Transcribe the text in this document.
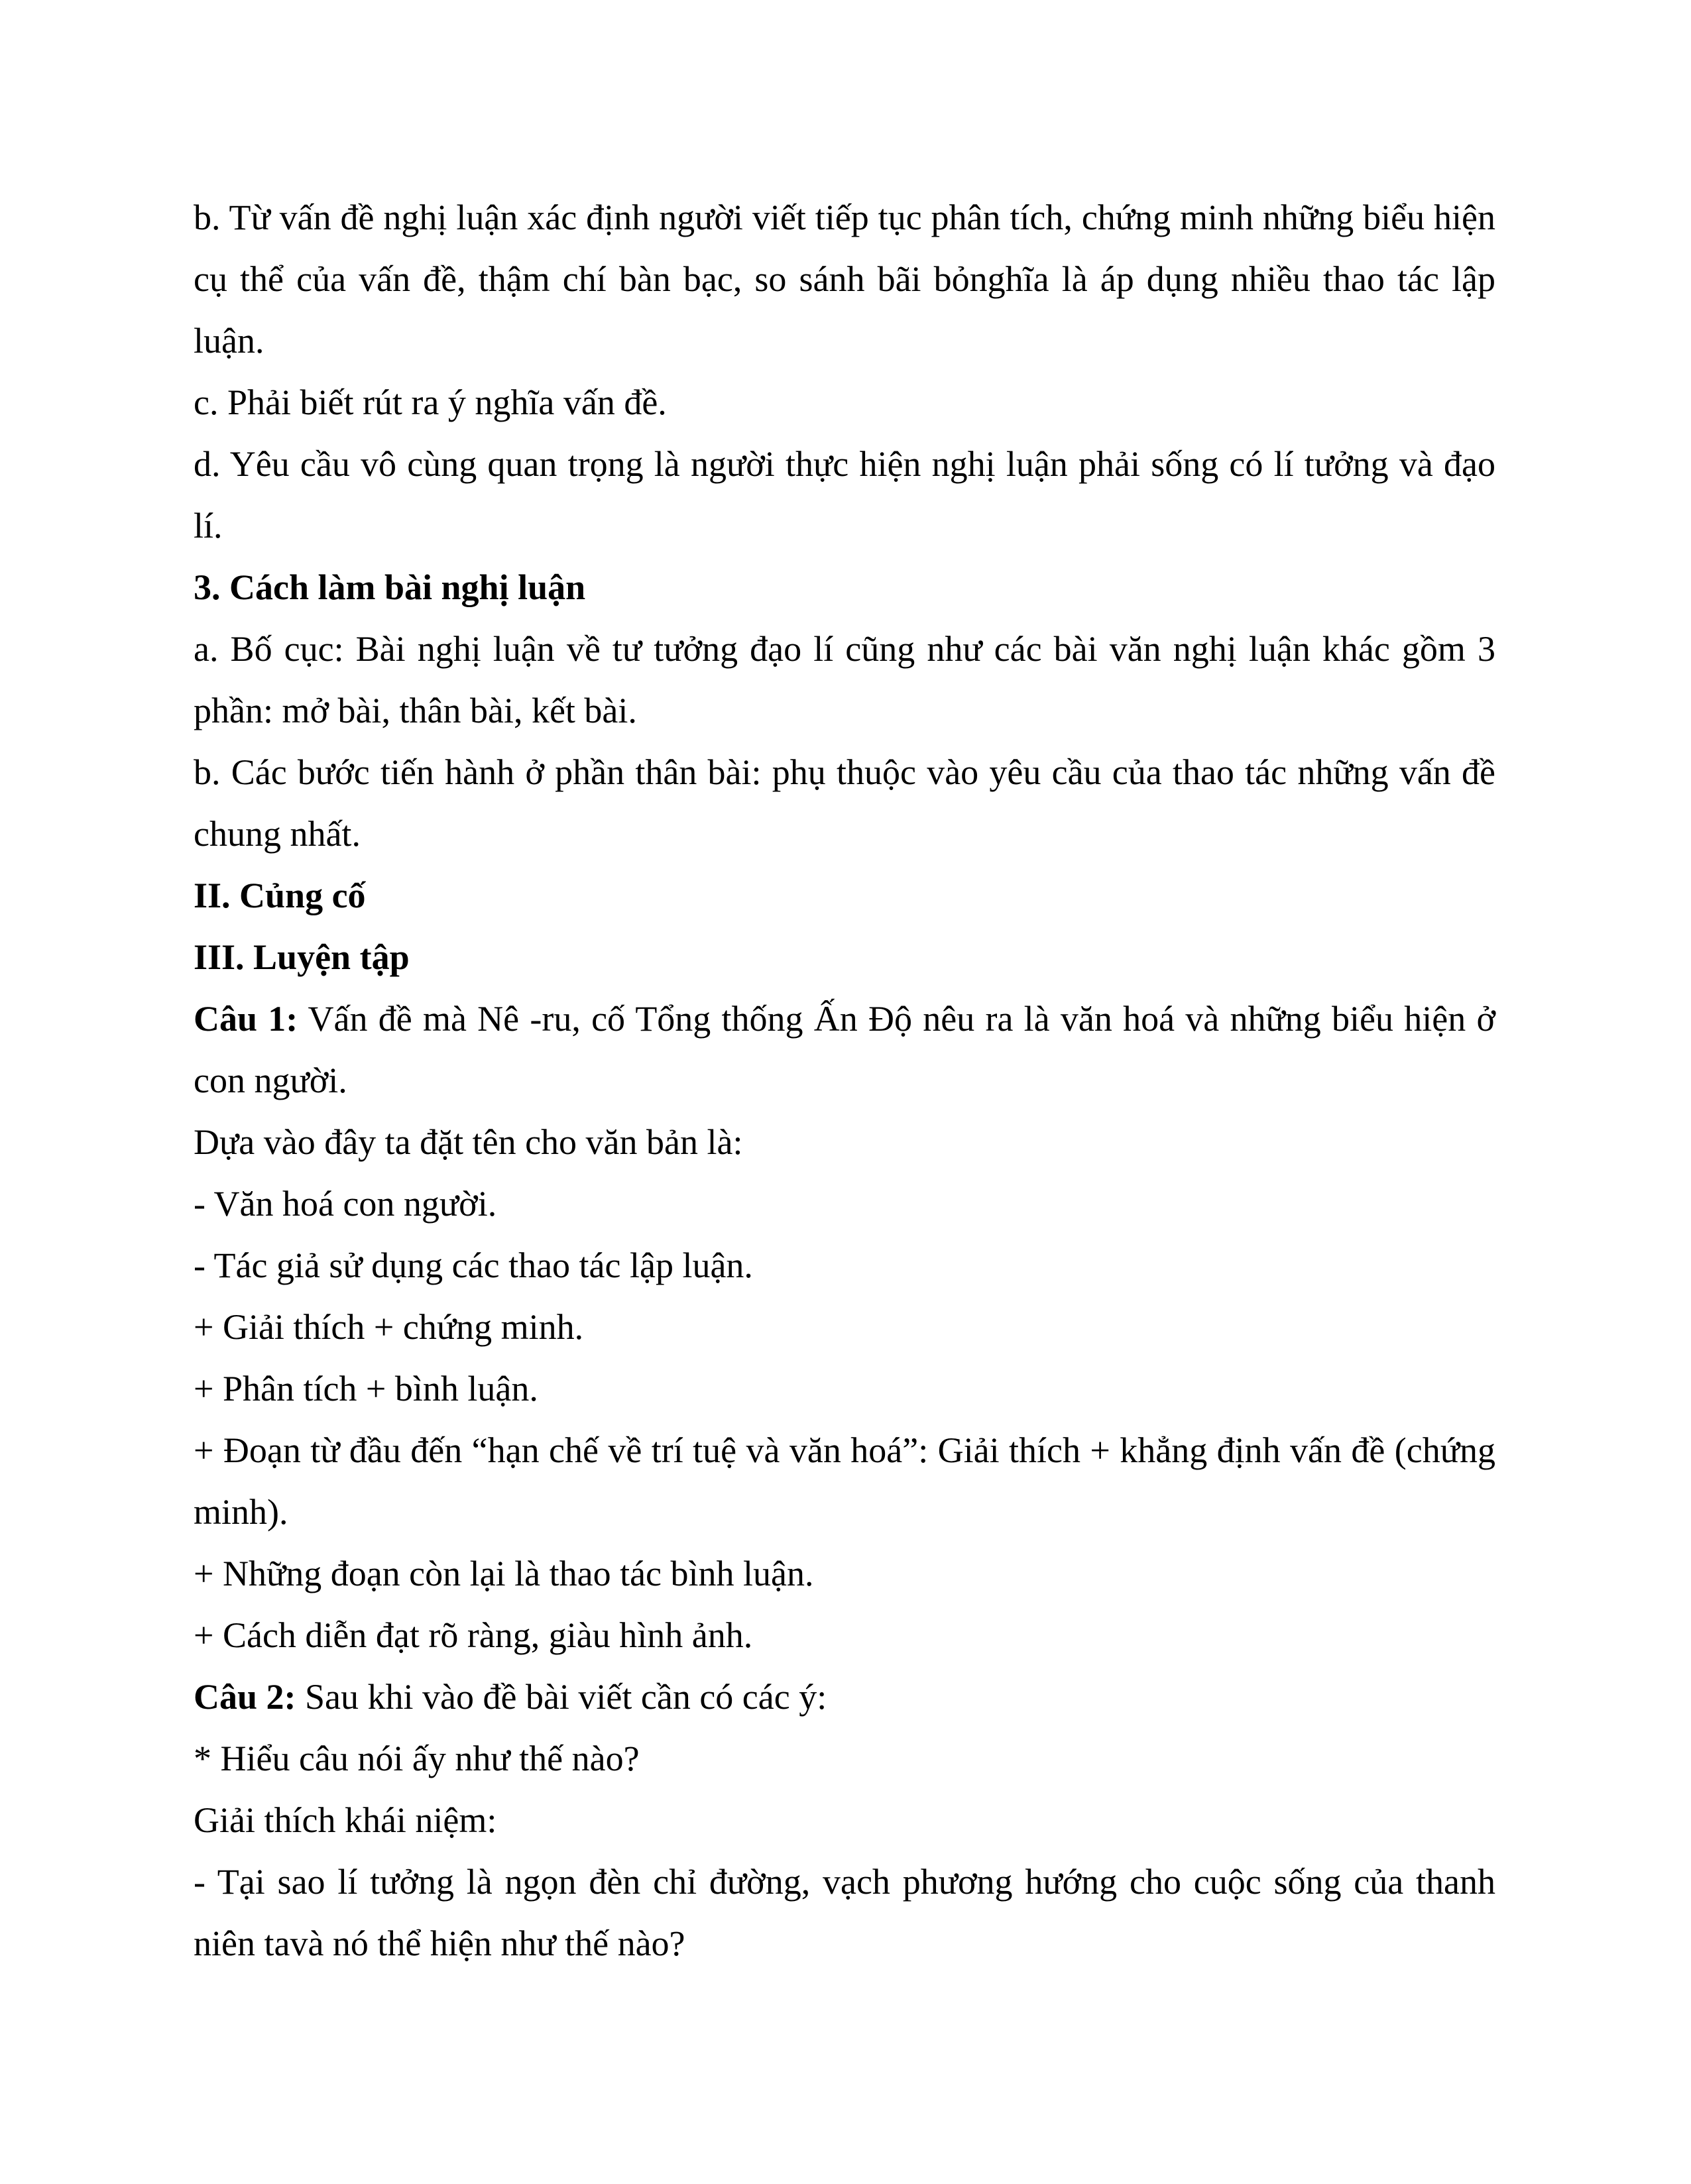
b. Từ vấn đề nghị luận xác định người viết tiếp tục phân tích, chứng minh những biểu hiện cụ thể của vấn đề, thậm chí bàn bạc, so sánh bãi bỏnghĩa là áp dụng nhiều thao tác lập luận.

c. Phải biết rút ra ý nghĩa vấn đề.

d. Yêu cầu vô cùng quan trọng là người thực hiện nghị luận phải sống có lí tưởng và đạo lí.

3. Cách làm bài nghị luận

a. Bố cục: Bài nghị luận về tư tưởng đạo lí cũng như các bài văn nghị luận khác gồm 3 phần: mở bài, thân bài, kết bài.

b. Các bước tiến hành ở phần thân bài: phụ thuộc vào yêu cầu của thao tác những vấn đề chung nhất.

II. Củng cố

III. Luyện tập

Câu 1: Vấn đề mà Nê -ru, cố Tổng thống Ấn Độ nêu ra là văn hoá và những biểu hiện ở con người.

Dựa vào đây ta đặt tên cho văn bản là:

- Văn hoá con người.

- Tác giả sử dụng các thao tác lập luận.

+ Giải thích + chứng minh.

+ Phân tích + bình luận.

+ Đoạn từ đầu đến “hạn chế về trí tuệ và văn hoá”: Giải thích + khẳng định vấn đề (chứng minh).

+ Những đoạn còn lại là thao tác bình luận.

+ Cách diễn đạt rõ ràng, giàu hình ảnh.

Câu 2: Sau khi vào đề bài viết cần có các ý:

* Hiểu câu nói ấy như thế nào?

Giải thích khái niệm:

- Tại sao lí tưởng là ngọn đèn chỉ đường, vạch phương hướng cho cuộc sống của thanh niên tavà nó thể hiện như thế nào?
